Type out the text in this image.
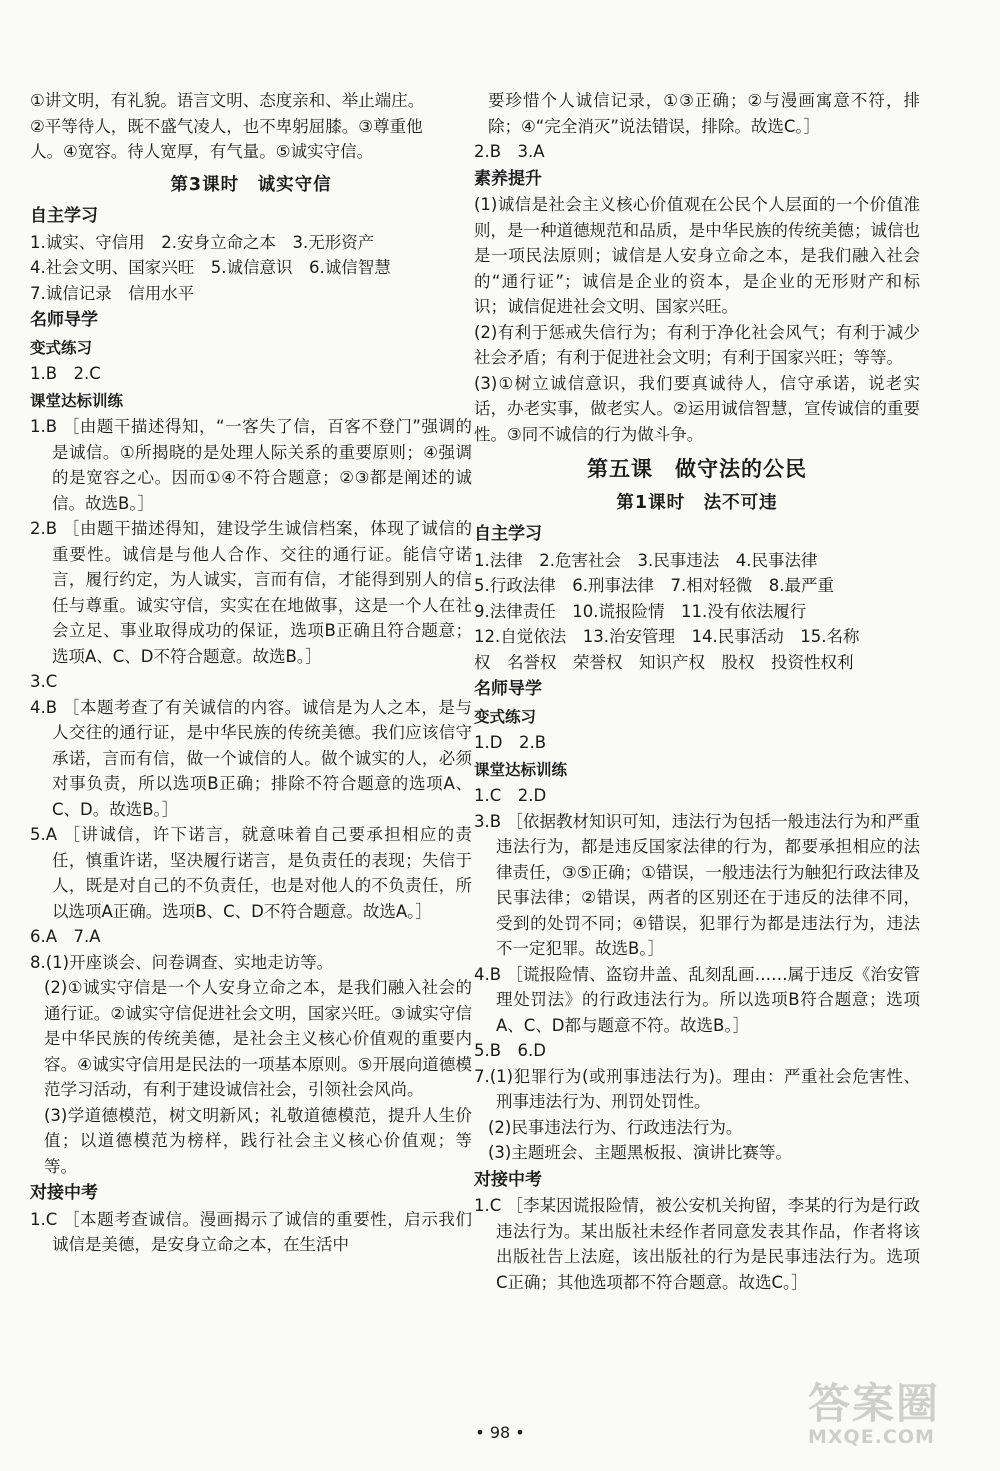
①讲文明，有礼貌。语言文明、态度亲和、举止端庄。

②平等待人，既不盛气凌人，也不卑躬屈膝。③尊重他

人。④宽容。待人宽厚，有气量。⑤诚实守信。

第3课时　诚实守信
自主学习

1.诚实、守信用　2.安身立命之本　3.无形资产

4.社会文明、国家兴旺　5.诚信意识　6.诚信智慧

7.诚信记录　信用水平

名师导学
变式练习

1.B　2.C

课堂达标训练

1.B ［由题干描述得知，“一客失了信，百客不登门”强调的是诚信。①所揭晓的是处理人际关系的重要原则；④强调的是宽容之心。因而①④不符合题意；②③都是阐述的诚信。故选B。］

2.B ［由题干描述得知，建设学生诚信档案，体现了诚信的重要性。诚信是与他人合作、交往的通行证。能信守诺言，履行约定，为人诚实，言而有信，才能得到别人的信任与尊重。诚实守信，实实在在地做事，这是一个人在社会立足、事业取得成功的保证，选项B正确且符合题意；选项A、C、D不符合题意。故选B。］

3.C

4.B ［本题考查了有关诚信的内容。诚信是为人之本，是与人交往的通行证，是中华民族的传统美德。我们应该信守承诺，言而有信，做一个诚信的人。做个诚实的人，必须对事负责，所以选项B正确；排除不符合题意的选项A、C、D。故选B。］

5.A ［讲诚信，许下诺言，就意味着自己要承担相应的责任，慎重许诺，坚决履行诺言，是负责任的表现；失信于人，既是对自己的不负责任，也是对他人的不负责任，所以选项A正确。选项B、C、D不符合题意。故选A。］

6.A　7.A

8.(1)开座谈会、问卷调查、实地走访等。

(2)①诚实守信是一个人安身立命之本，是我们融入社会的通行证。②诚实守信促进社会文明，国家兴旺。③诚实守信是中华民族的传统美德，是社会主义核心价值观的重要内容。④诚实守信用是民法的一项基本原则。⑤开展向道德模范学习活动，有利于建设诚信社会，引领社会风尚。

(3)学道德模范，树文明新风；礼敬道德模范，提升人生价值；以道德模范为榜样，践行社会主义核心价值观；等等。

对接中考

1.C ［本题考查诚信。漫画揭示了诚信的重要性，启示我们诚信是美德，是安身立命之本，在生活中

要珍惜个人诚信记录，①③正确；②与漫画寓意不符，排除；④“完全消灭”说法错误，排除。故选C。］

2.B　3.A

素养提升

(1)诚信是社会主义核心价值观在公民个人层面的一个价值准则，是一种道德规范和品质，是中华民族的传统美德；诚信也是一项民法原则；诚信是人安身立命之本，是我们融入社会的“通行证”；诚信是企业的资本，是企业的无形财产和标识；诚信促进社会文明、国家兴旺。

(2)有利于惩戒失信行为；有利于净化社会风气；有利于减少社会矛盾；有利于促进社会文明；有利于国家兴旺；等等。

(3)①树立诚信意识，我们要真诚待人，信守承诺，说老实话，办老实事，做老实人。②运用诚信智慧，宣传诚信的重要性。③同不诚信的行为做斗争。

第五课　做守法的公民
第1课时　法不可违
自主学习

1.法律　2.危害社会　3.民事违法　4.民事法律

5.行政法律　6.刑事法律　7.相对轻微　8.最严重

9.法律责任　10.谎报险情　11.没有依法履行

12.自觉依法　13.治安管理　14.民事活动　15.名称

权　名誉权　荣誉权　知识产权　股权　投资性权利

名师导学
变式练习

1.D　2.B

课堂达标训练

1.C　2.D

3.B ［依据教材知识可知，违法行为包括一般违法行为和严重违法行为，都是违反国家法律的行为，都要承担相应的法律责任，③⑤正确；①错误，一般违法行为触犯行政法律及民事法律；②错误，两者的区别还在于违反的法律不同，受到的处罚不同；④错误，犯罪行为都是违法行为，违法不一定犯罪。故选B。］

4.B ［谎报险情、盗窃井盖、乱刻乱画……属于违反《治安管理处罚法》的行政违法行为。所以选项B符合题意；选项A、C、D都与题意不符。故选B。］

5.B　6.D

7.(1)犯罪行为(或刑事违法行为)。理由：严重社会危害性、刑事违法行为、刑罚处罚性。

(2)民事违法行为、行政违法行为。

(3)主题班会、主题黑板报、演讲比赛等。

对接中考

1.C ［李某因谎报险情，被公安机关拘留，李某的行为是行政违法行为。某出版社未经作者同意发表其作品，作者将该出版社告上法庭，该出版社的行为是民事违法行为。选项C正确；其他选项都不符合题意。故选C。］

• 98 •
答案圈
MXQE.COM
